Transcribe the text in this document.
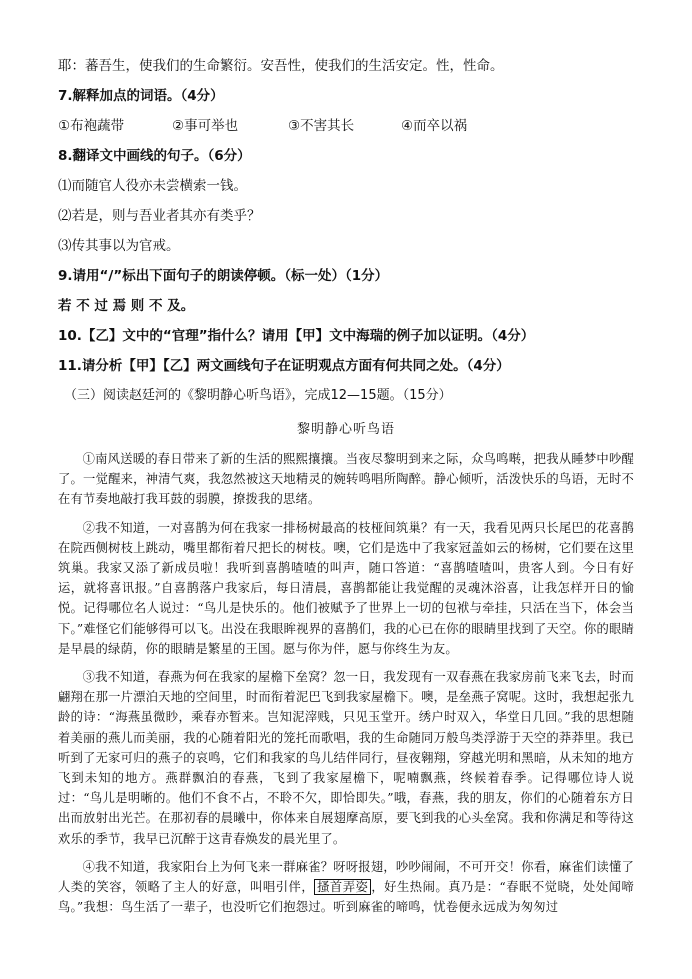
耶：蕃吾生，使我们的生命繁衍。安吾性，使我们的生活安定。性，性命。

7.解释加点的词语。（4分）

①布袍蔬带	②事可举也	③不害其长	④而卒以祸

8.翻译文中画线的句子。（6分）

⑴而随官人役亦未尝横索一钱。

⑵若是，则与吾业者其亦有类乎？

⑶传其事以为官戒。

9.请用“/”标出下面句子的朗读停顿。（标一处）（1分）

若 不 过 焉 则 不 及。

10.【乙】文中的“官理”指什么？请用【甲】文中海瑞的例子加以证明。（4分）

11.请分析【甲】【乙】两文画线句子在证明观点方面有何共同之处。（4分）

（三）阅读赵廷河的《黎明静心听鸟语》，完成12—15题。（15分）

黎明静心听鸟语

①南风送暖的春日带来了新的生活的熙熙攘攘。当夜尽黎明到来之际，众鸟鸣啭，把我从睡梦中吵醒了。一觉醒来，神清气爽，我忽然被这天地精灵的婉转鸣唱所陶醉。静心倾听，活泼快乐的鸟语，无时不在有节奏地敲打我耳鼓的弱膜，撩拨我的思绪。

②我不知道，一对喜鹊为何在我家一排杨树最高的枝桠间筑巢？有一天，我看见两只长尾巴的花喜鹊在院西侧树枝上跳动，嘴里都衔着尺把长的树枝。噢，它们是选中了我家冠盖如云的杨树，它们要在这里筑巢。我家又添了新成员啦！我听到喜鹊喳喳的叫声，随口答道：“喜鹊喳喳叫，贵客人到。今日有好运，就将喜讯报。”自喜鹊落户我家后，每日清晨，喜鹊都能让我觉醒的灵魂沐浴喜，让我怎样开日的愉悦。记得哪位名人说过：“鸟儿是快乐的。他们被赋予了世界上一切的包袱与牵挂，只活在当下，体会当下。”难怪它们能够得可以飞。出没在我眼眸视界的喜鹊们，我的心已在你的眼睛里找到了天空。你的眼睛是早晨的绿荫，你的眼睛是繁星的王国。愿与你为伴，愿与你终生为友。

③我不知道，春燕为何在我家的屋檐下垒窝？忽一日，我发现有一双春燕在我家房前飞来飞去，时而翩翔在那一片漂泊天地的空间里，时而衔着泥巴飞到我家屋檐下。噢，是垒燕子窝呢。这时，我想起张九龄的诗：“海燕虽微眇，乘春亦暂来。岂知泥滓贱，只见玉堂开。绣户时双入，华堂日几回。”我的思想随着美丽的燕儿而美丽，我的心随着阳光的笼托而歌唱，我的生命随同万般鸟类浮游于天空的莽莽里。我已听到了无家可归的燕子的哀鸣，它们和我家的鸟儿结伴同行，昼夜翱翔，穿越光明和黑暗，从未知的地方飞到未知的地方。燕群飘泊的春燕，飞到了我家屋檐下，呢喃飘燕，终候着春季。记得哪位诗人说过：“鸟儿是明晰的。他们不食不占，不聆不欠，即恰即失。”哦，春燕，我的朋友，你们的心随着东方日出而放射出光芒。在那初春的晨曦中，你体来自展翅摩高原，要飞到我的心头垒窝。我和你满足和等待这欢乐的季节，我早已沉醉于这青春焕发的晨光里了。

④我不知道，我家阳台上为何飞来一群麻雀？呀呀报翅，吵吵闹闹，不可开交！你看，麻雀们读懂了人类的笑容，领略了主人的好意，叫唱引伴， 搔首弄姿 ，好生热闹。真乃是：“春眠不觉晓，处处闻啼鸟。”我想：鸟生活了一辈子，也没听它们抱怨过。听到麻雀的啼鸣，忧卷便永远成为匆匆过
